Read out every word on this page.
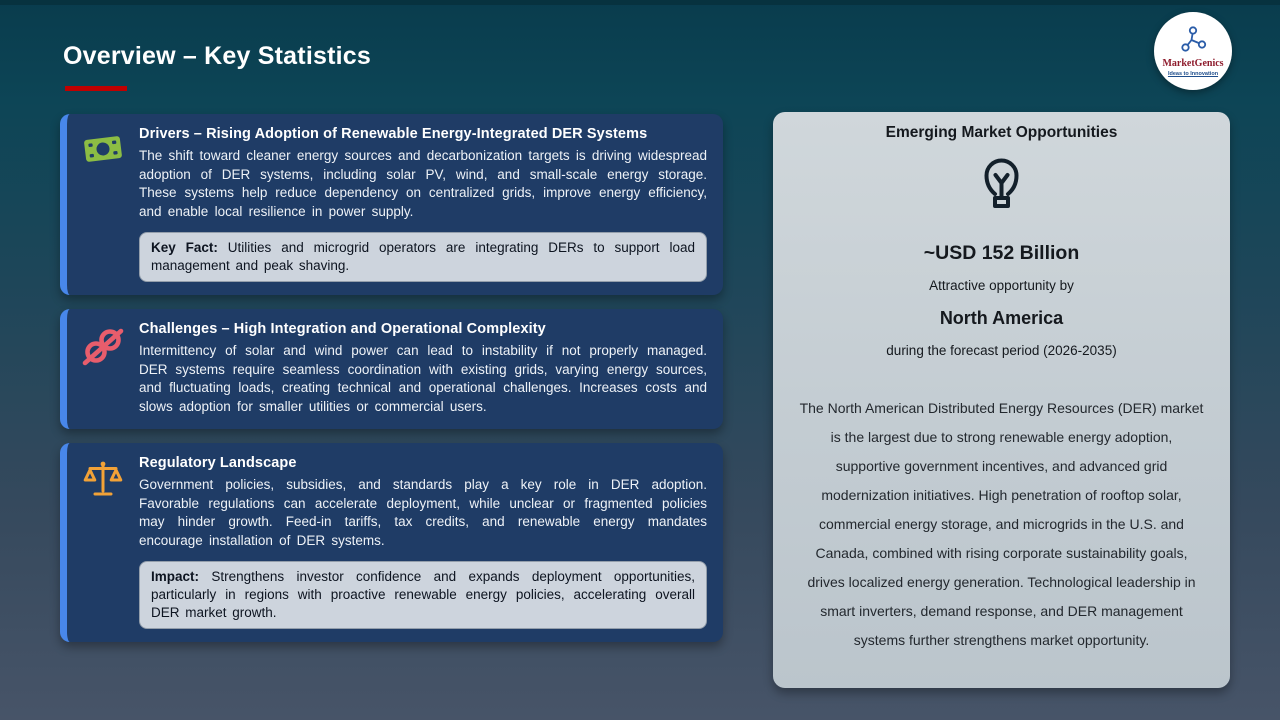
Overview – Key Statistics

Drivers – Rising Adoption of Renewable Energy-Integrated DER Systems

The shift toward cleaner energy sources and decarbonization targets is driving widespread adoption of DER systems, including solar PV, wind, and small-scale energy storage. These systems help reduce dependency on centralized grids, improve energy efficiency, and enable local resilience in power supply.

Key Fact: Utilities and microgrid operators are integrating DERs to support load management and peak shaving.

Challenges – High Integration and Operational Complexity

Intermittency of solar and wind power can lead to instability if not properly managed. DER systems require seamless coordination with existing grids, varying energy sources, and fluctuating loads, creating technical and operational challenges. Increases costs and slows adoption for smaller utilities or commercial users.

Regulatory Landscape

Government policies, subsidies, and standards play a key role in DER adoption. Favorable regulations can accelerate deployment, while unclear or fragmented policies may hinder growth. Feed-in tariffs, tax credits, and renewable energy mandates encourage installation of DER systems.

Impact: Strengthens investor confidence and expands deployment opportunities, particularly in regions with proactive renewable energy policies, accelerating overall DER market growth.
Emerging Market Opportunities
~USD 152 Billion
Attractive opportunity by
North America
during the forecast period (2026-2035)
The North American Distributed Energy Resources (DER) market is the largest due to strong renewable energy adoption, supportive government incentives, and advanced grid modernization initiatives. High penetration of rooftop solar, commercial energy storage, and microgrids in the U.S. and Canada, combined with rising corporate sustainability goals, drives localized energy generation. Technological leadership in smart inverters, demand response, and DER management systems further strengthens market opportunity.
MarketGenics
Ideas to Innovation
